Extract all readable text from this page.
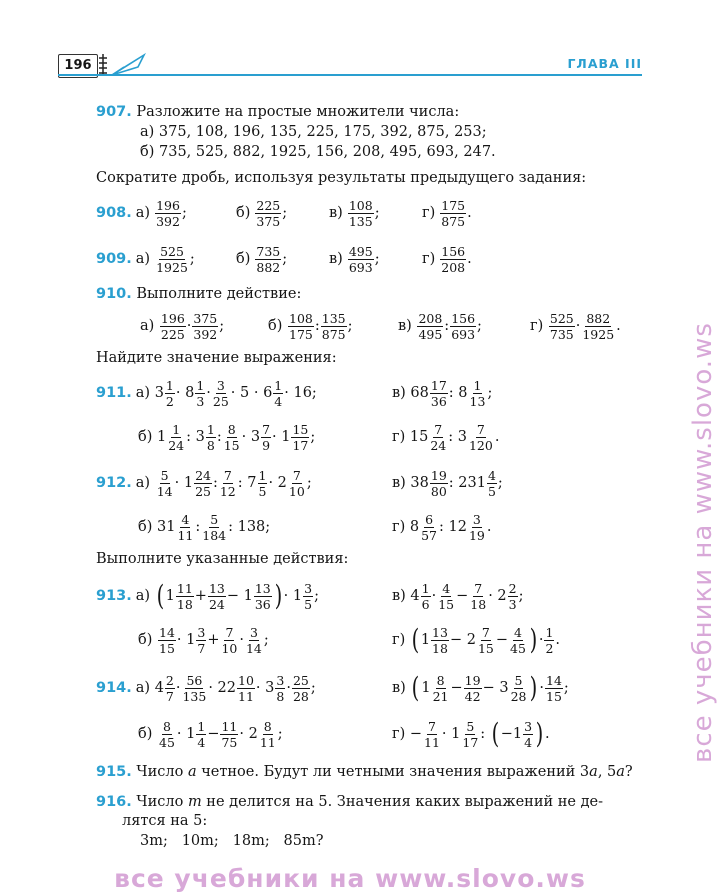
196	ГЛАВА III
907. Разложите на простые множители числа:
а) 375, 108, 196, 135, 225, 175, 392, 875, 253;
б) 735, 525, 882, 1925, 156, 208, 495, 693, 247.
Сократите дробь, используя результаты предыдущего задания:
908. $а) \frac{196}{392}$ ;	$б) \frac{225}{375}$ ;	$в) \frac{108}{135}$ ;	$г) \frac{175}{875}$ .
909. $а) \frac{525}{1925}$ ;	$б) \frac{735}{882}$ ;	$в) \frac{495}{693}$ ;	$г) \frac{156}{208}$ .
910. Выполните действие:
$а) \frac{196}{225} \cdot \frac{375}{392}$ ;	$б) \frac{108}{175}$ : $\frac{135}{875}$ ;	$в) \frac{208}{495}$ : $\frac{156}{693}$ ;	$г) \frac{525}{735} \cdot \frac{882}{1925}$ .
Найдите значение выражения:
911. а) $3 \frac{1}{2} \cdot 8 \frac{1}{3} \cdot \frac{3}{25} \cdot 5 \cdot 6 \frac{1}{4} \cdot 16$;	в) $68 \frac{17}{36}$ : $8 \frac{1}{13}$ ;
б) $1 \frac{1}{24}$ : $3 \frac{1}{8}$ : $\frac{8}{15} \cdot 3 \frac{7}{9} \cdot 1 \frac{15}{17}$ ;	г) $15 \frac{7}{24}$ : $3 \frac{7}{120}$ .
912. $а) \frac{5}{14} \cdot 1 \frac{24}{25}$ : $\frac{7}{12}$ : $7 \frac{1}{5} \cdot 2 \frac{7}{10}$ ;	в) $38 \frac{19}{80}$ : $231 \frac{4}{5}$ ;
б) $31 \frac{4}{11}$ : $\frac{5}{184}$ : 138;	г) $8 \frac{6}{57}$ : $12 \frac{3}{19}$ .
Выполните указанные действия:
913. а) ( $1 \frac{11}{18} + \frac{13}{24} - 1 \frac{13}{36}$ ) · $1 \frac{3}{5}$ ;	в) $4 \frac{1}{6} \cdot \frac{4}{15} - \frac{7}{18} \cdot 2 \frac{2}{3}$ ;
$б) \frac{14}{15} \cdot 1 \frac{3}{7} + \frac{7}{10} \cdot \frac{3}{14}$ ;	г) ( $1 \frac{13}{18} - 2 \frac{7}{15} - \frac{4}{45}$ ) · $\frac{1}{2}$ .
914. а) $4 \frac{2}{7} \cdot \frac{56}{135} \cdot 22 \frac{10}{11} \cdot 3 \frac{3}{8} \cdot \frac{25}{28}$ ;	в) ( $1 \frac{8}{21} - \frac{19}{42} - 3 \frac{5}{28}$ ) · $\frac{14}{15}$ ;
$б) \frac{8}{45} \cdot 1 \frac{1}{4} - \frac{11}{75} \cdot 2 \frac{8}{11}$ ;	$г) - \frac{7}{11} \cdot 1 \frac{5}{17}$ : ( $-1 \frac{3}{4}$ ) .
915. Число a четное. Будут ли четными значения выражений 3a, 5a?
916. Число m не делится на 5. Значения каких выражений не де-
лятся на 5:
3m; 10m; 18m; 85m?
все учебники на www.slovo.ws
все учебники на www.slovo.ws
